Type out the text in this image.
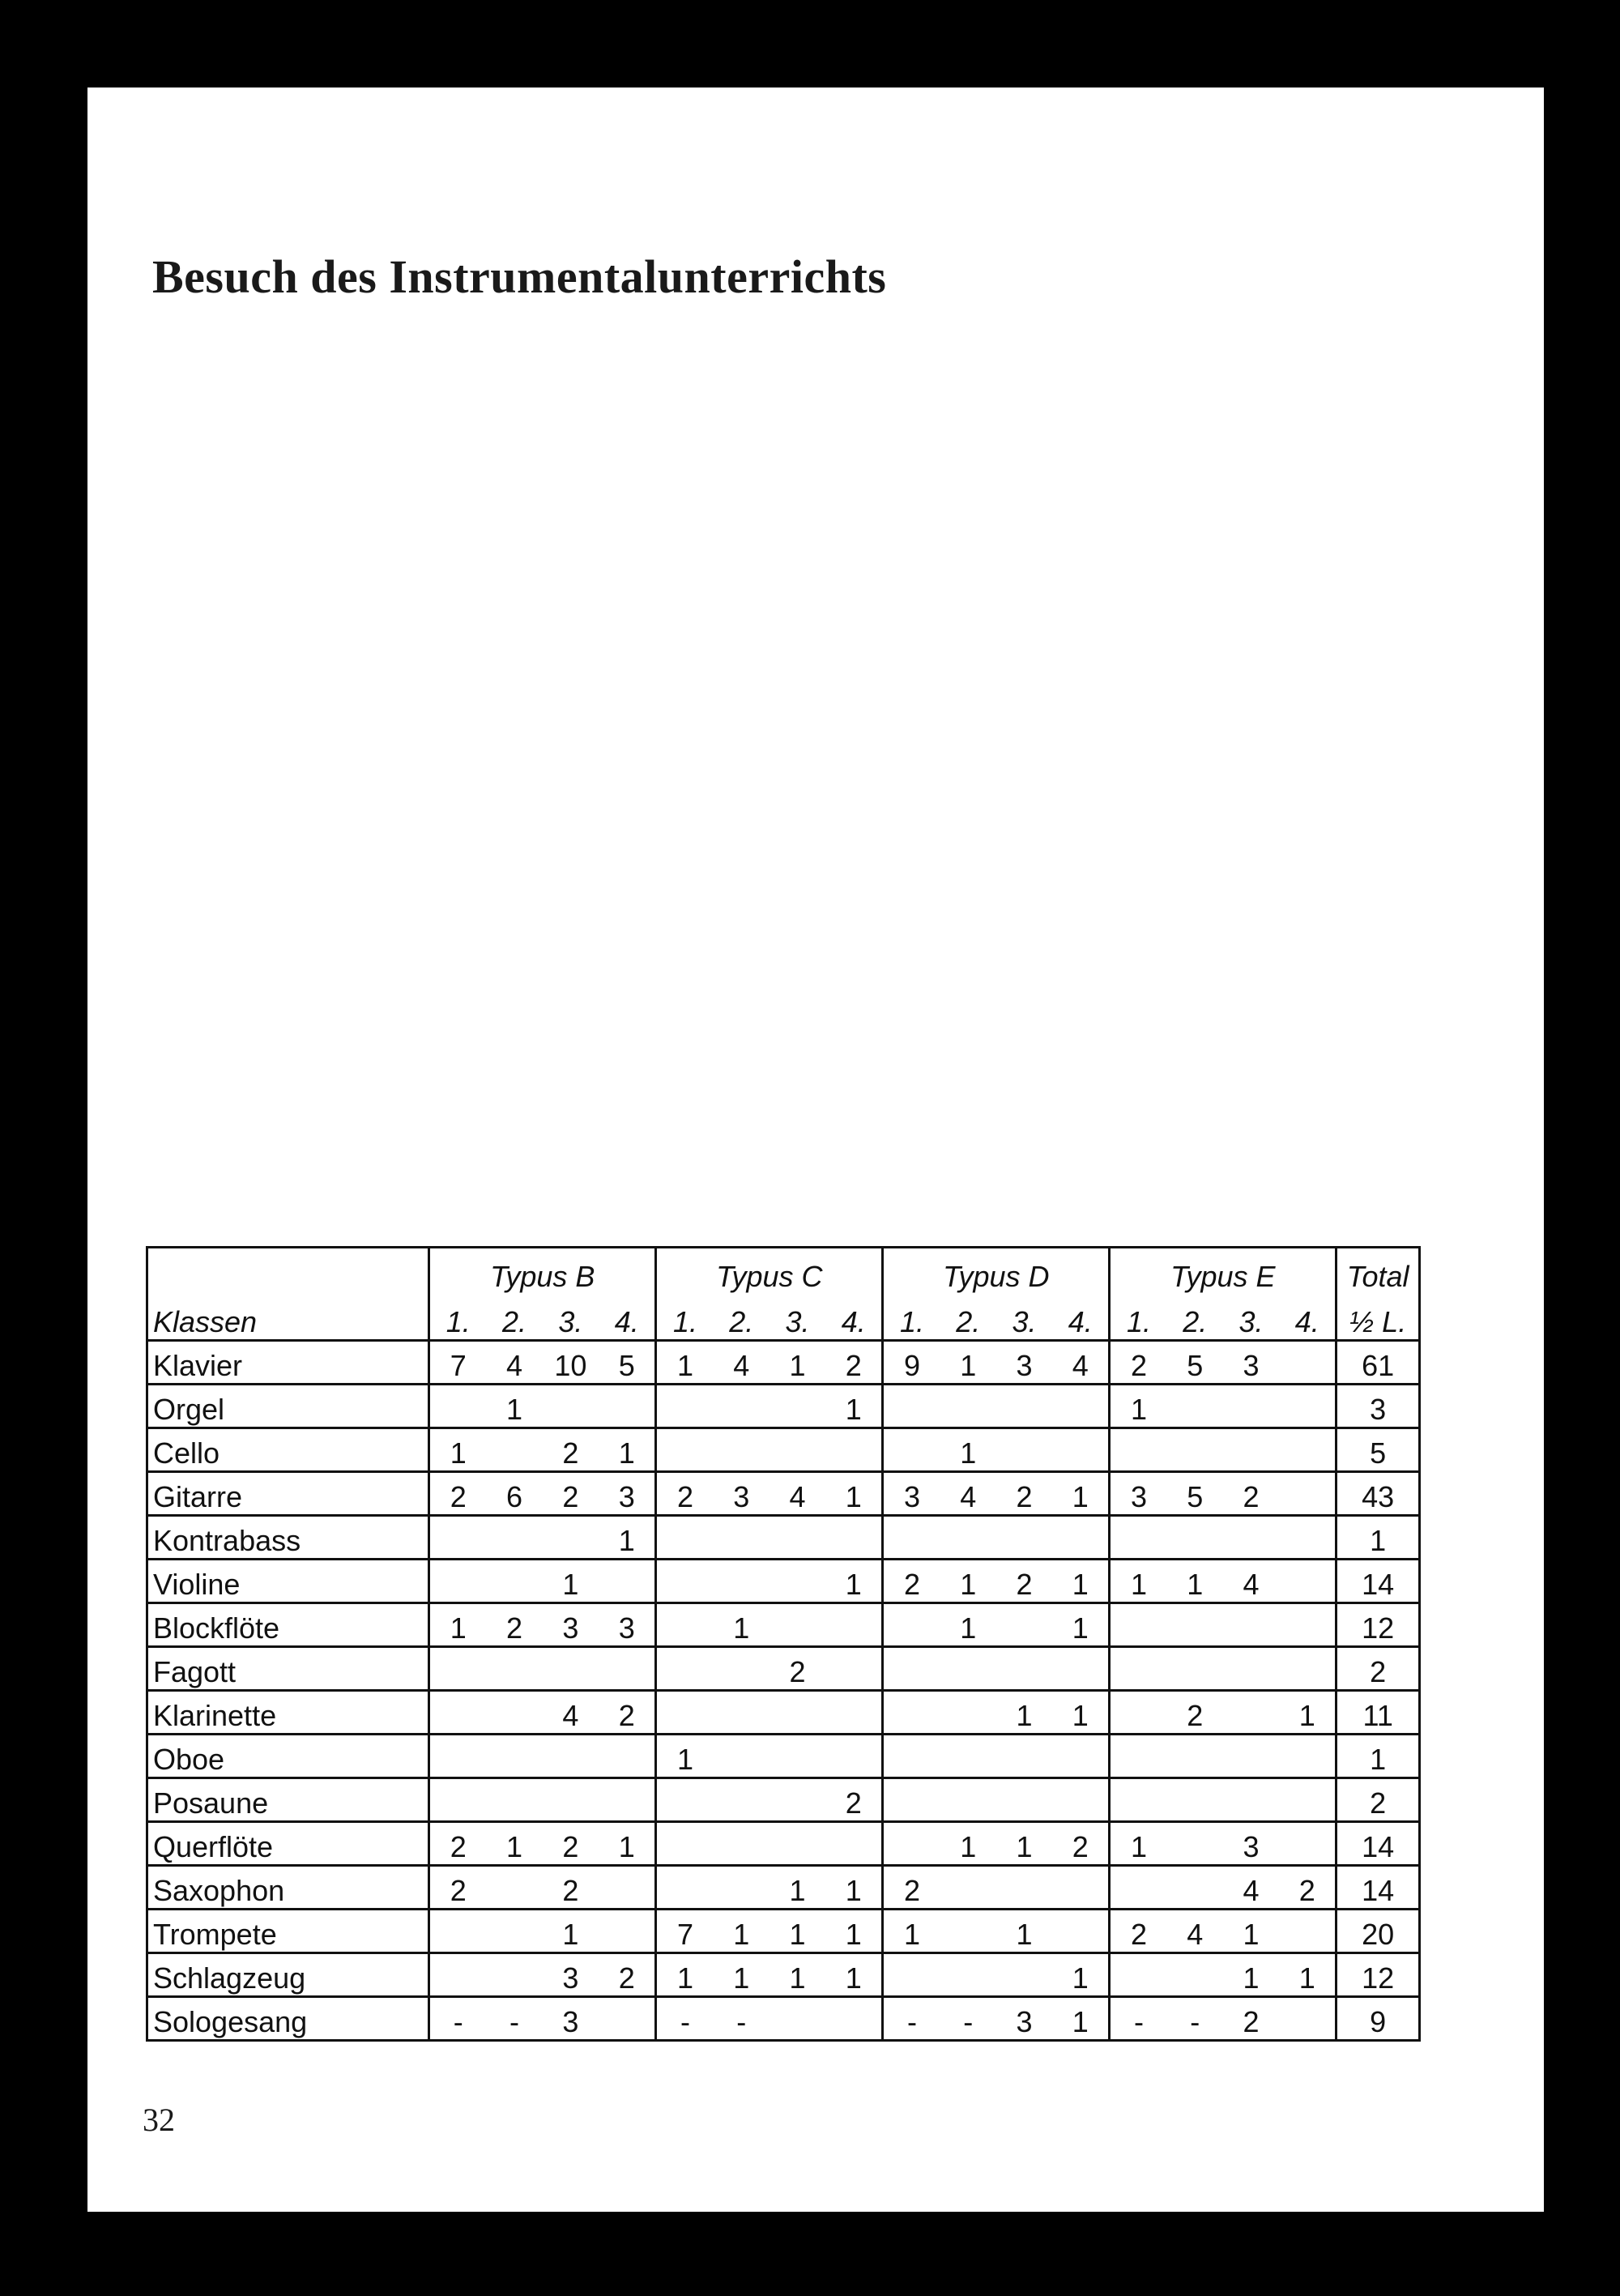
Besuch des Instrumentalunterrichts
	Typus B				Typus C				Typus D				Typus E				Total
Klassen	1.	2.	3.	4.	1.	2.	3.	4.	1.	2.	3.	4.	1.	2.	3.	4.	½ L.
Klavier	7	4	10	5	1	4	1	2	9	1	3	4	2	5	3		61
Orgel		1						1					1				3
Cello	1		2	1						1							5
Gitarre	2	6	2	3	2	3	4	1	3	4	2	1	3	5	2		43
Kontrabass				1													1
Violine			1					1	2	1	2	1	1	1	4		14
Blockflöte	1	2	3	3		1				1		1					12
Fagott							2										2
Klarinette			4	2							1	1		2		1	11
Oboe					1												1
Posaune								2									2
Querflöte	2	1	2	1						1	1	2	1		3		14
Saxophon	2		2				1	1	2						4	2	14
Trompete			1		7	1	1	1	1		1		2	4	1		20
Schlagzeug			3	2	1	1	1	1				1			1	1	12
Sologesang	-	-	3		-	-			-	-	3	1	-	-	2		9
32
